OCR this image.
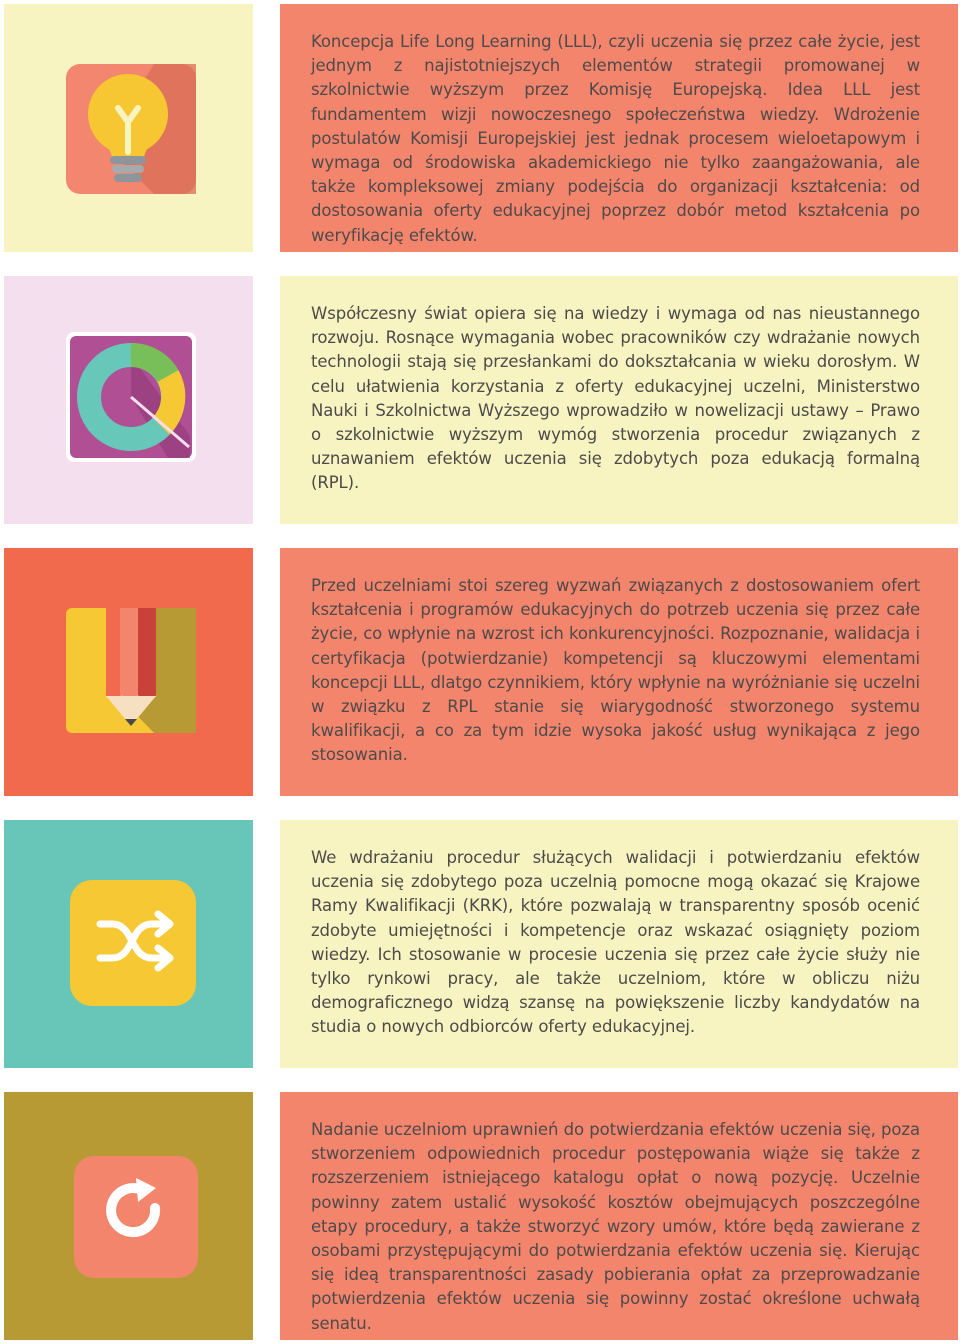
Koncepcja Life Long Learning (LLL), czyli uczenia się przez całe życie, jest jednym z najistotniejszych elementów strategii promowanej w szkolnictwie wyższym przez Komisję Europejską. Idea LLL jest fundamentem wizji nowoczesnego społeczeństwa wiedzy. Wdrożenie postulatów Komisji Europejskiej jest jednak procesem wieloetapowym i wymaga od środowiska akademickiego nie tylko zaangażowania, ale także kompleksowej zmiany podejścia do organizacji kształcenia: od dostosowania oferty edukacyjnej poprzez dobór metod kształcenia po weryfikację efektów.

Współczesny świat opiera się na wiedzy i wymaga od nas nieustannego rozwoju. Rosnące wymagania wobec pracowników czy wdrażanie nowych technologii stają się przesłankami do dokształcania w wieku dorosłym. W celu ułatwienia korzystania z oferty edukacyjnej uczelni, Ministerstwo Nauki i Szkolnictwa Wyższego wprowadziło w nowelizacji ustawy – Prawo o szkolnictwie wyższym wymóg stworzenia procedur związanych z uznawaniem efektów uczenia się zdobytych poza edukacją formalną (RPL).

Przed uczelniami stoi szereg wyzwań związanych z dostosowaniem ofert kształcenia i programów edukacyjnych do potrzeb uczenia się przez całe życie, co wpłynie na wzrost ich konkurencyjności. Rozpoznanie, walidacja i certyfikacja (potwierdzanie) kompetencji są kluczowymi elementami koncepcji LLL, dlatgo czynnikiem, który wpłynie na wyróżnianie się uczelni w związku z RPL stanie się wiarygodność stworzonego systemu kwalifikacji, a co za tym idzie wysoka jakość usług wynikająca z jego stosowania.

We wdrażaniu procedur służących walidacji i potwierdzaniu efektów uczenia się zdobytego poza uczelnią pomocne mogą okazać się Krajowe Ramy Kwalifikacji (KRK), które pozwalają w transparentny sposób ocenić zdobyte umiejętności i kompetencje oraz wskazać osiągnięty poziom wiedzy. Ich stosowanie w procesie uczenia się przez całe życie służy nie tylko rynkowi pracy, ale także uczelniom, które w obliczu niżu demograficznego widzą szansę na powiększenie liczby kandydatów na studia o nowych odbiorców oferty edukacyjnej.

Nadanie uczelniom uprawnień do potwierdzania efektów uczenia się, poza stworzeniem odpowiednich procedur postępowania wiąże się także z rozszerzeniem istniejącego katalogu opłat o nową pozycję. Uczelnie powinny zatem ustalić wysokość kosztów obejmujących poszczególne etapy procedury, a także stworzyć wzory umów, które będą zawierane z osobami przystępującymi do potwierdzania efektów uczenia się. Kierując się ideą transparentności zasady pobierania opłat za przeprowadzanie potwierdzenia efektów uczenia się powinny zostać określone uchwałą senatu.
